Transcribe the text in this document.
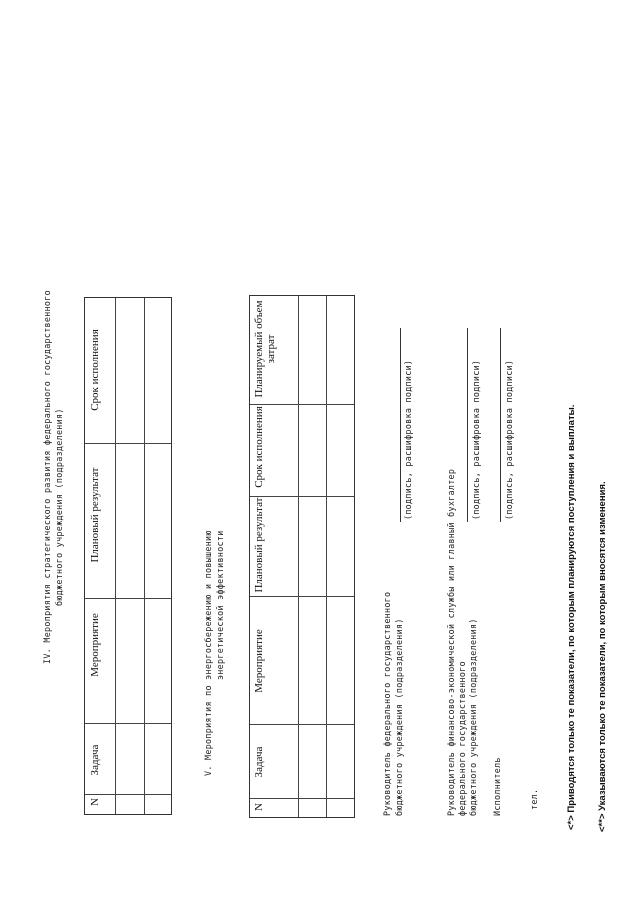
IV. Мероприятия стратегического развития федерального государственного бюджетного учреждения (подразделения)
N
Задача
Мероприятие
Плановый результат
Срок исполнения
V. Мероприятия по энергосбережению и повышению энергетической эффективности
N
Задача
Мероприятие
Плановый результат
Срок исполнения
Планируемый объем затрат
Руководитель федерального государственного бюджетного учреждения (подразделения)
(подпись, расшифровка подписи)
Руководитель финансово-экономической службы или главный бухгалтер федерального государственного бюджетного учреждения (подразделения)
(подпись, расшифровка подписи)
Исполнитель
(подпись, расшифровка подписи)
тел.	<*> Приводятся только те показатели, по которым планируются поступления и выплаты. <**> Указываются только те показатели, по которым вносятся изменения.
